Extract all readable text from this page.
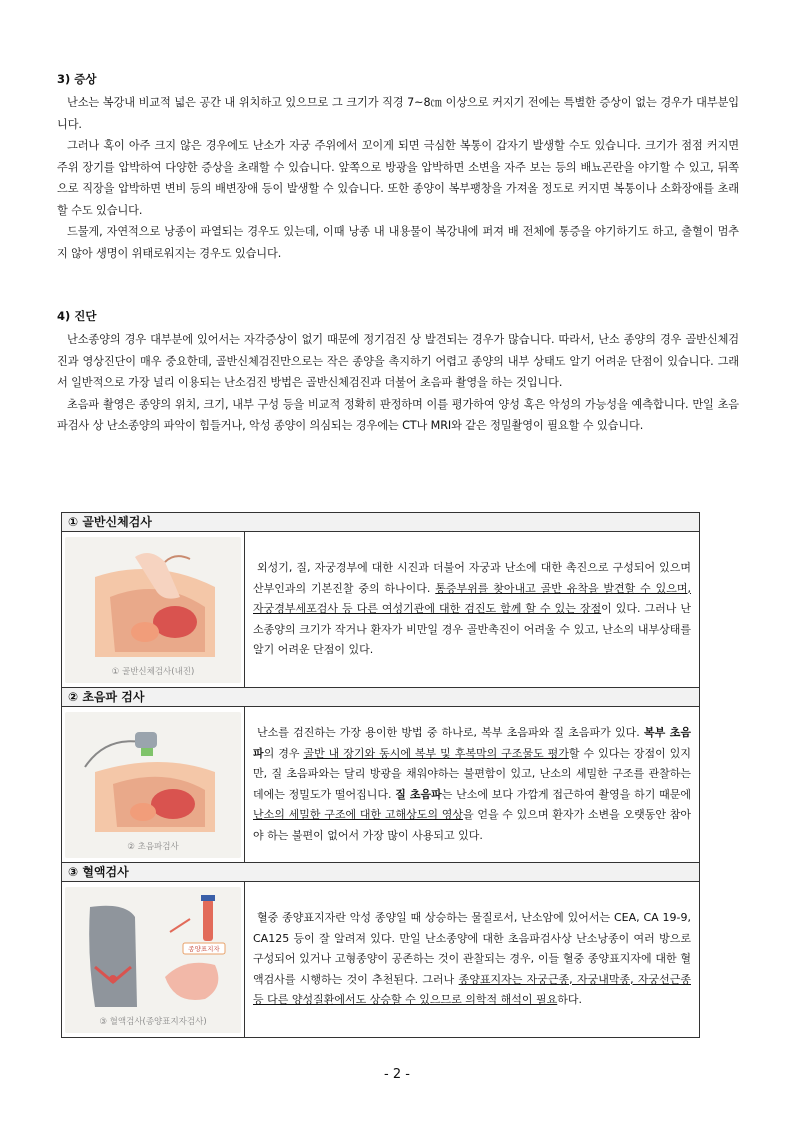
3) 증상

난소는 복강내 비교적 넓은 공간 내 위치하고 있으므로 그 크기가 직경 7~8㎝ 이상으로 커지기 전에는 특별한 증상이 없는 경우가 대부분입니다.

그러나 혹이 아주 크지 않은 경우에도 난소가 자궁 주위에서 꼬이게 되면 극심한 복통이 갑자기 발생할 수도 있습니다. 크기가 점점 커지면 주위 장기를 압박하여 다양한 증상을 초래할 수 있습니다. 앞쪽으로 방광을 압박하면 소변을 자주 보는 등의 배뇨곤란을 야기할 수 있고, 뒤쪽으로 직장을 압박하면 변비 등의 배변장애 등이 발생할 수 있습니다. 또한 종양이 복부팽창을 가져올 정도로 커지면 복통이나 소화장애를 초래할 수도 있습니다.

드물게, 자연적으로 낭종이 파열되는 경우도 있는데, 이때 낭종 내 내용물이 복강내에 퍼져 배 전체에 통증을 야기하기도 하고, 출혈이 멈추지 않아 생명이 위태로워지는 경우도 있습니다.

4) 진단

난소종양의 경우 대부분에 있어서는 자각증상이 없기 때문에 정기검진 상 발견되는 경우가 많습니다. 따라서, 난소 종양의 경우 골반신체검진과 영상진단이 매우 중요한데, 골반신체검진만으로는 작은 종양을 촉지하기 어렵고 종양의 내부 상태도 알기 어려운 단점이 있습니다. 그래서 일반적으로 가장 널리 이용되는 난소검진 방법은 골반신체검진과 더불어 초음파 촬영을 하는 것입니다.

초음파 촬영은 종양의 위치, 크기, 내부 구성 등을 비교적 정확히 판정하며 이를 평가하여 양성 혹은 악성의 가능성을 예측합니다. 만일 초음파검사 상 난소종양의 파악이 힘들거나, 악성 종양이 의심되는 경우에는 CT나 MRI와 같은 정밀촬영이 필요할 수 있습니다.

① 골반신체검사	

① 골반신체검사(내진)	외성기, 질, 자궁경부에 대한 시진과 더불어 자궁과 난소에 대한 촉진으로 구성되어 있으며 산부인과의 기본진찰 중의 하나이다. 통증부위를 찾아내고 골반 유착을 발견할 수 있으며, 자궁경부세포검사 등 다른 여성기관에 대한 검진도 함께 할 수 있는 장점이 있다. 그러나 난소종양의 크기가 작거나 환자가 비만일 경우 골반촉진이 어려울 수 있고, 난소의 내부상태를 알기 어려운 단점이 있다.

② 초음파 검사	

② 초음파검사	난소를 검진하는 가장 용이한 방법 중 하나로, 복부 초음파와 질 초음파가 있다. 복부 초음파의 경우 골반 내 장기와 동시에 복부 및 후복막의 구조물도 평가할 수 있다는 장점이 있지만, 질 초음파와는 달리 방광을 채워야하는 불편함이 있고, 난소의 세밀한 구조를 관찰하는 데에는 정밀도가 떨어집니다. 질 초음파는 난소에 보다 가깝게 접근하여 촬영을 하기 때문에 난소의 세밀한 구조에 대한 고해상도의 영상을 얻을 수 있으며 환자가 소변을 오랫동안 참아야 하는 불편이 없어서 가장 많이 사용되고 있다.

③ 혈액검사	

종양표지자
③ 혈액검사(종양표지자검사)	혈중 종양표지자란 악성 종양일 때 상승하는 물질로서, 난소암에 있어서는 CEA, CA 19-9, CA125 등이 잘 알려져 있다. 만일 난소종양에 대한 초음파검사상 난소낭종이 여러 방으로 구성되어 있거나 고형종양이 공존하는 것이 관찰되는 경우, 이들 혈중 종양표지자에 대한 혈액검사를 시행하는 것이 추천된다. 그러나 종양표지자는 자궁근종, 자궁내막종, 자궁선근종 등 다른 양성질환에서도 상승할 수 있으므로 의학적 해석이 필요하다.

- 2 -
